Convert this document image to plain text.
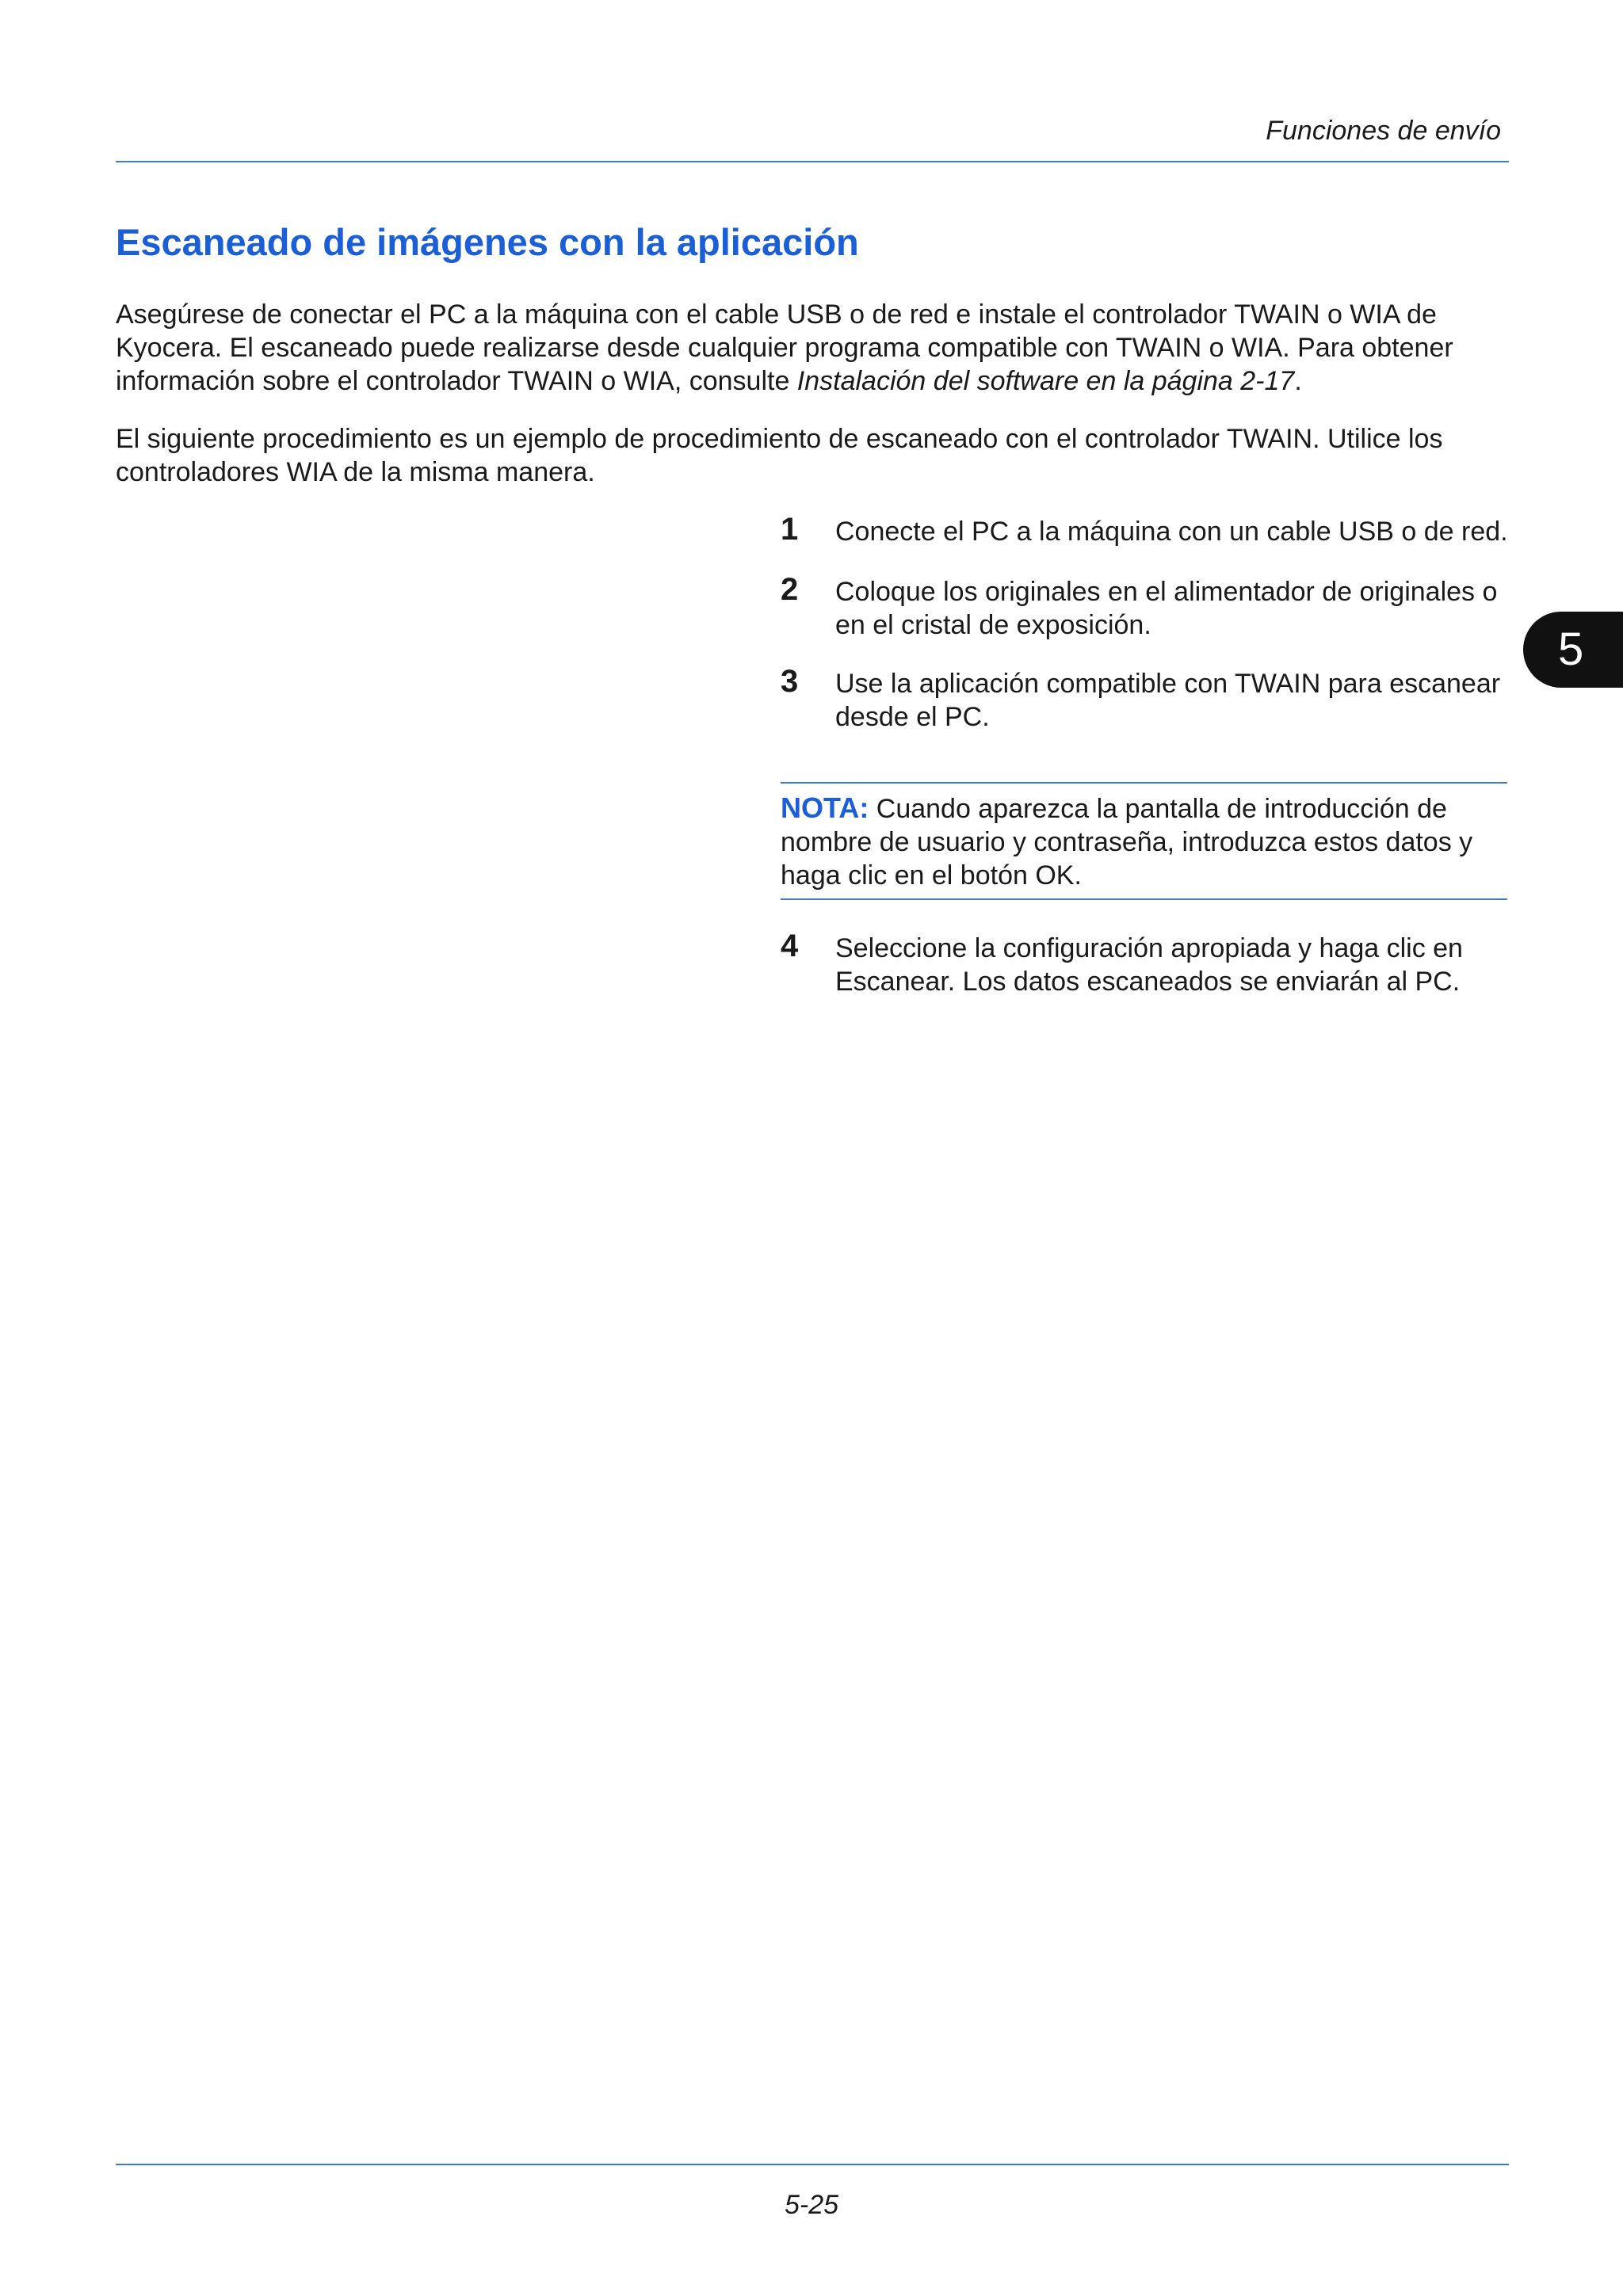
Funciones de envío
Escaneado de imágenes con la aplicación

Asegúrese de conectar el PC a la máquina con el cable USB o de red e instale el controlador TWAIN o WIA de Kyocera. El escaneado puede realizarse desde cualquier programa compatible con TWAIN o WIA. Para obtener información sobre el controlador TWAIN o WIA, consulte Instalación del software en la página 2-17.

El siguiente procedimiento es un ejemplo de procedimiento de escaneado con el controlador TWAIN. Utilice los controladores WIA de la misma manera.

1 Conecte el PC a la máquina con un cable USB o de red.
2 Coloque los originales en el alimentador de originales o en el cristal de exposición.
3 Use la aplicación compatible con TWAIN para escanear desde el PC.
4 Seleccione la configuración apropiada y haga clic en Escanear. Los datos escaneados se enviarán al PC.
NOTA: Cuando aparezca la pantalla de introducción de nombre de usuario y contraseña, introduzca estos datos y haga clic en el botón OK.
5
5-25
